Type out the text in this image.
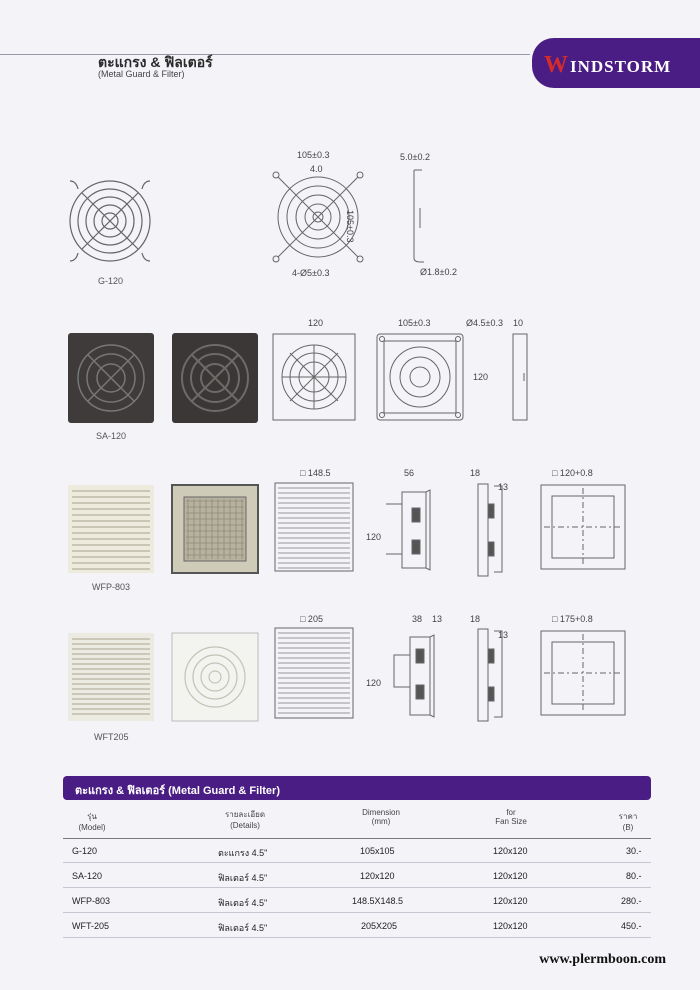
ตะแกรง & ฟิลเตอร์
(Metal Guard & Filter)	WINDSTORM
G-120
105±0.3
4.0
105±0.3
4-Ø5±0.3
5.0±0.2
Ø1.8±0.2
SA-120
120	105±0.3	Ø4.5±0.3
120
10
WFP-803
□ 148.5	56
120
18
13
□ 120+0.8
WFT205
□ 205	38 13
120
18
13
□ 175+0.8
ตะแกรง & ฟิลเตอร์ (Metal Guard & Filter)
รุ่น
(Model)
รายละเอียด
(Details)
Dimension
(mm)
for
Fan Size
ราคา
(B)
G-120	ตะแกรง 4.5"	105x105	120x120	30.-
SA-120	ฟิลเตอร์ 4.5"	120x120	120x120	80.-
WFP-803	ฟิลเตอร์ 4.5"	148.5X148.5	120x120	280.-
WFT-205	ฟิลเตอร์ 4.5"	205X205	120x120	450.-
www.plermboon.com
